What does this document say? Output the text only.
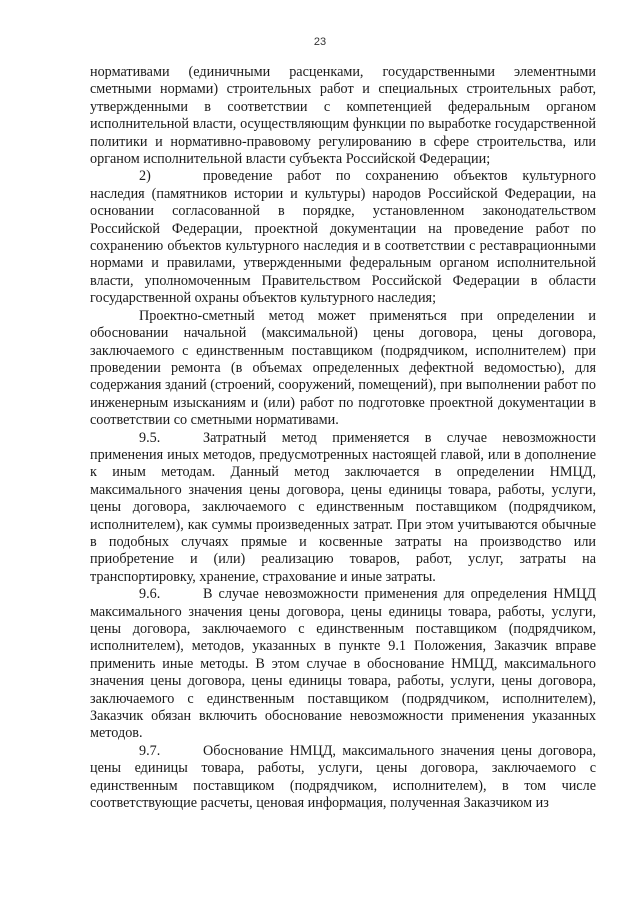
23

нормативами (единичными расценками, государственными элементными сметными нормами) строительных работ и специальных строительных работ, утвержденными в соответствии с компетенцией федеральным органом исполнительной власти, осуществляющим функции по выработке государственной политики и нормативно-правовому регулированию в сфере строительства, или органом исполнительной власти субъекта Российской Федерации;

2)	проведение работ по сохранению объектов культурного наследия (памятников истории и культуры) народов Российской Федерации, на основании согласованной в порядке, установленном законодательством Российской Федерации, проектной документации на проведение работ по сохранению объектов культурного наследия и в соответствии с реставрационными нормами и правилами, утвержденными федеральным органом исполнительной власти, уполномоченным Правительством Российской Федерации в области государственной охраны объектов культурного наследия;

Проектно-сметный метод может применяться при определении и обосновании начальной (максимальной) цены договора, цены договора, заключаемого с единственным поставщиком (подрядчиком, исполнителем) при проведении ремонта (в объемах определенных дефектной ведомостью), для содержания зданий (строений, сооружений, помещений), при выполнении работ по инженерным изысканиям и (или) работ по подготовке проектной документации в соответствии со сметными нормативами.

9.5.	Затратный метод применяется в случае невозможности применения иных методов, предусмотренных настоящей главой, или в дополнение к иным методам. Данный метод заключается в определении НМЦД, максимального значения цены договора, цены единицы товара, работы, услуги, цены договора, заключаемого с единственным поставщиком (подрядчиком, исполнителем), как суммы произведенных затрат. При этом учитываются обычные в подобных случаях прямые и косвенные затраты на производство или приобретение и (или) реализацию товаров, работ, услуг, затраты на транспортировку, хранение, страхование и иные затраты.

9.6.	В случае невозможности применения для определения НМЦД максимального значения цены договора, цены единицы товара, работы, услуги, цены договора, заключаемого с единственным поставщиком (подрядчиком, исполнителем), методов, указанных в пункте 9.1 Положения, Заказчик вправе применить иные методы. В этом случае в обоснование НМЦД, максимального значения цены договора, цены единицы товара, работы, услуги, цены договора, заключаемого с единственным поставщиком (подрядчиком, исполнителем), Заказчик обязан включить обоснование невозможности применения указанных методов.

9.7.	Обоснование НМЦД, максимального значения цены договора, цены единицы товара, работы, услуги, цены договора, заключаемого с единственным поставщиком (подрядчиком, исполнителем), в том числе соответствующие расчеты, ценовая информация, полученная Заказчиком из
